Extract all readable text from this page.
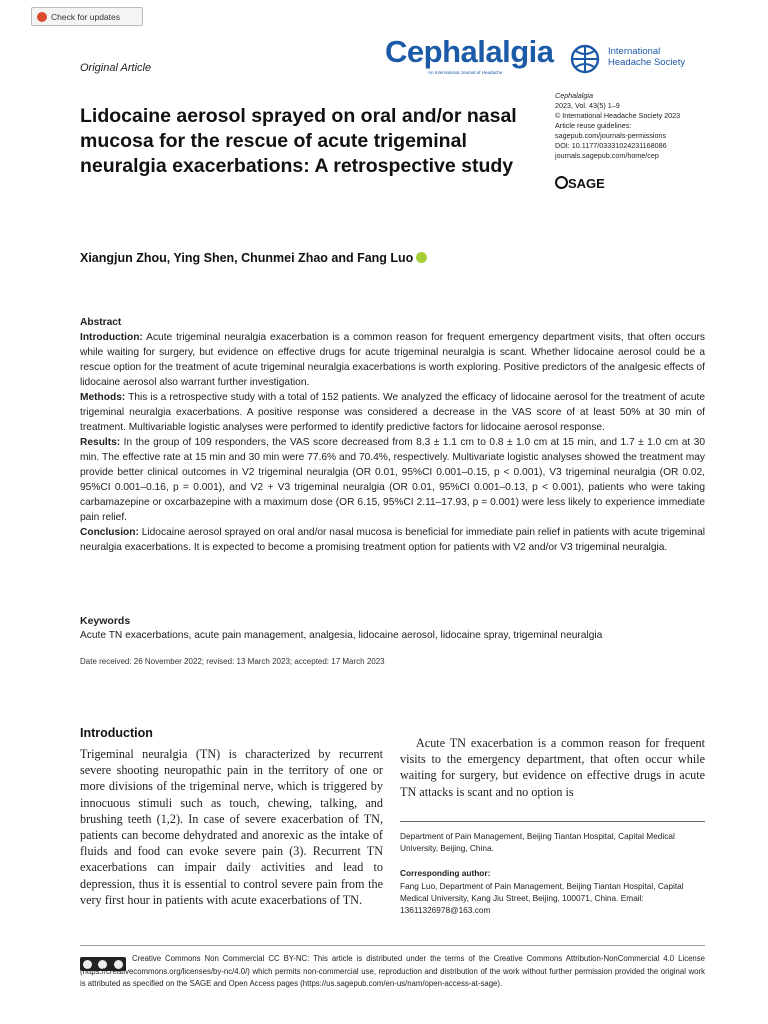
Check for updates
Original Article	Cephalalgia
An International Journal of Headache
International
Headache Society
Cephalalgia
2023, Vol. 43(5) 1–9
© International Headache Society 2023
Article reuse guidelines:
sagepub.com/journals-permissions
DOI: 10.1177/03331024231168086
journals.sagepub.com/home/cep
SAGE
Lidocaine aerosol sprayed on oral and/or nasal mucosa for the rescue of acute trigeminal neuralgia exacerbations: A retrospective study
Xiangjun Zhou, Ying Shen, Chunmei Zhao and Fang Luo

Abstract

Introduction: Acute trigeminal neuralgia exacerbation is a common reason for frequent emergency department visits, that often occurs while waiting for surgery, but evidence on effective drugs for acute trigeminal neuralgia is scant. Whether lidocaine aerosol could be a rescue option for the treatment of acute trigeminal neuralgia exacerbations is worth exploring. Positive predictors of the analgesic effects of lidocaine aerosol also warrant further investigation.

Methods: This is a retrospective study with a total of 152 patients. We analyzed the efficacy of lidocaine aerosol for the treatment of acute trigeminal neuralgia exacerbations. A positive response was considered a decrease in the VAS score of at least 50% at 30 min of treatment. Multivariable logistic analyses were performed to identify predictive factors for lidocaine aerosol response.

Results: In the group of 109 responders, the VAS score decreased from 8.3 ± 1.1 cm to 0.8 ± 1.0 cm at 15 min, and 1.7 ± 1.0 cm at 30 min. The effective rate at 15 min and 30 min were 77.6% and 70.4%, respectively. Multivariate logistic analyses showed the treatment may provide better clinical outcomes in V2 trigeminal neuralgia (OR 0.01, 95%CI 0.001–0.15, p < 0.001), V3 trigeminal neuralgia (OR 0.02, 95%CI 0.001–0.16, p = 0.001), and V2 + V3 trigeminal neuralgia (OR 0.01, 95%CI 0.001–0.13, p < 0.001), patients who were taking carbamazepine or oxcarbazepine with a maximum dose (OR 6.15, 95%CI 2.11–17.93, p = 0.001) were less likely to experience immediate pain relief.

Conclusion: Lidocaine aerosol sprayed on oral and/or nasal mucosa is beneficial for immediate pain relief in patients with acute trigeminal neuralgia exacerbations. It is expected to become a promising treatment option for patients with V2 and/or V3 trigeminal neuralgia.

Keywords
Acute TN exacerbations, acute pain management, analgesia, lidocaine aerosol, lidocaine spray, trigeminal neuralgia
Date received: 26 November 2022; revised: 13 March 2023; accepted: 17 March 2023
Introduction
Trigeminal neuralgia (TN) is characterized by recurrent severe shooting neuropathic pain in the territory of one or more divisions of the trigeminal nerve, which is triggered by innocuous stimuli such as touch, chewing, talking, and brushing teeth (1,2). In case of severe exacerbation of TN, patients can become dehydrated and anorexic as the intake of fluids and food can evoke severe pain (3). Recurrent TN exacerbations can impair daily activities and lead to depression, thus it is essential to control severe pain from the very first hour in patients with acute exacerbations of TN.
Acute TN exacerbation is a common reason for frequent visits to the emergency department, that often occur while waiting for surgery, but evidence on effective drugs in acute TN attacks is scant and no option is
Department of Pain Management, Beijing Tiantan Hospital, Capital Medical University, Beijing, China.
Corresponding author:
Fang Luo, Department of Pain Management, Beijing Tiantan Hospital, Capital Medical University, Kang Jiu Street, Beijing, 100071, China. Email: 13611326978@163.com
Creative Commons Non Commercial CC BY-NC: This article is distributed under the terms of the Creative Commons Attribution-NonCommercial 4.0 License (https://creativecommons.org/licenses/by-nc/4.0/) which permits non-commercial use, reproduction and distribution of the work without further permission provided the original work is attributed as specified on the SAGE and Open Access pages (https://us.sagepub.com/en-us/nam/open-access-at-sage).
